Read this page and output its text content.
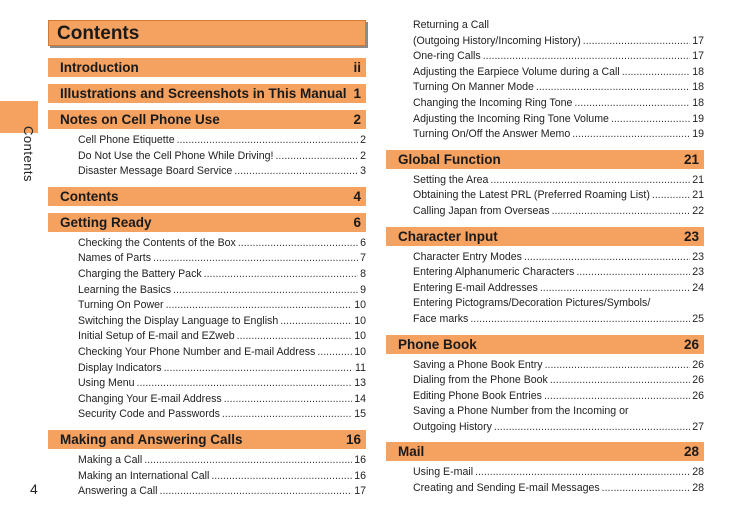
Contents
4
Contents
Introduction	ii
Illustrations and Screenshots in This Manual 1
Notes on Cell Phone Use	2
Cell Phone Etiquette .....	2
Do Not Use the Cell Phone While Driving! .....	2
Disaster Message Board Service .....	3
Contents	4
Getting Ready	6
Checking the Contents of the Box .....	6
Names of Parts .....	7
Charging the Battery Pack .....	8
Learning the Basics .....	9
Turning On Power .....	10
Switching the Display Language to English .....	10
Initial Setup of E-mail and EZweb .....	10
Checking Your Phone Number and E-mail Address .....	10
Display Indicators .....	11
Using Menu .....	13
Changing Your E-mail Address .....	14
Security Code and Passwords .....	15
Making and Answering Calls	16
Making a Call .....	16
Making an International Call .....	16
Answering a Call .....	17
Returning a Call
(Outgoing History/Incoming History) .....	17
One-ring Calls .....	17
Adjusting the Earpiece Volume during a Call .....	18
Turning On Manner Mode .....	18
Changing the Incoming Ring Tone .....	18
Adjusting the Incoming Ring Tone Volume .....	19
Turning On/Off the Answer Memo .....	19
Global Function	21
Setting the Area .....	21
Obtaining the Latest PRL (Preferred Roaming List) .....	21
Calling Japan from Overseas .....	22
Character Input	23
Character Entry Modes .....	23
Entering Alphanumeric Characters .....	23
Entering E-mail Addresses .....	24
Entering Pictograms/Decoration Pictures/Symbols/
Face marks .....	25
Phone Book	26
Saving a Phone Book Entry .....	26
Dialing from the Phone Book .....	26
Editing Phone Book Entries .....	26
Saving a Phone Number from the Incoming or
Outgoing History .....	27
Mail	28
Using E-mail .....	28
Creating and Sending E-mail Messages .....	28
